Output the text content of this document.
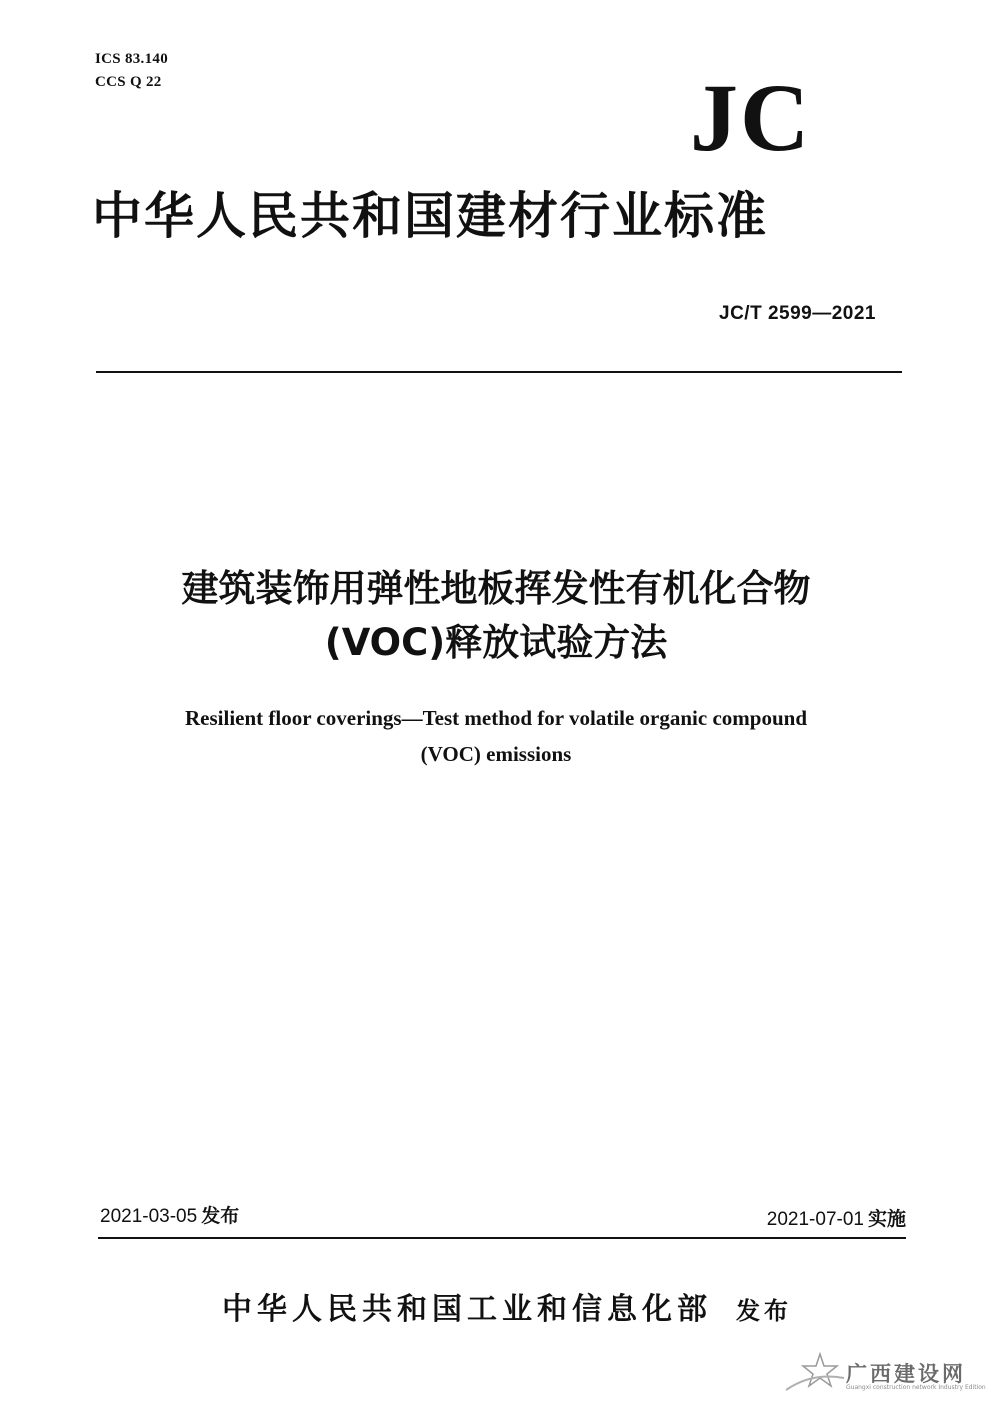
ICS 83.140
CCS Q 22	JC
中华人民共和国建材行业标准
JC/T 2599—2021
建筑装饰用弹性地板挥发性有机化合物
(VOC)释放试验方法
Resilient floor coverings—Test method for volatile organic compound
(VOC) emissions
2021-03-05 发布	2021-07-01 实施
中华人民共和国工业和信息化部 发布
广西建设网
Guangxi construction network Industry Edition
